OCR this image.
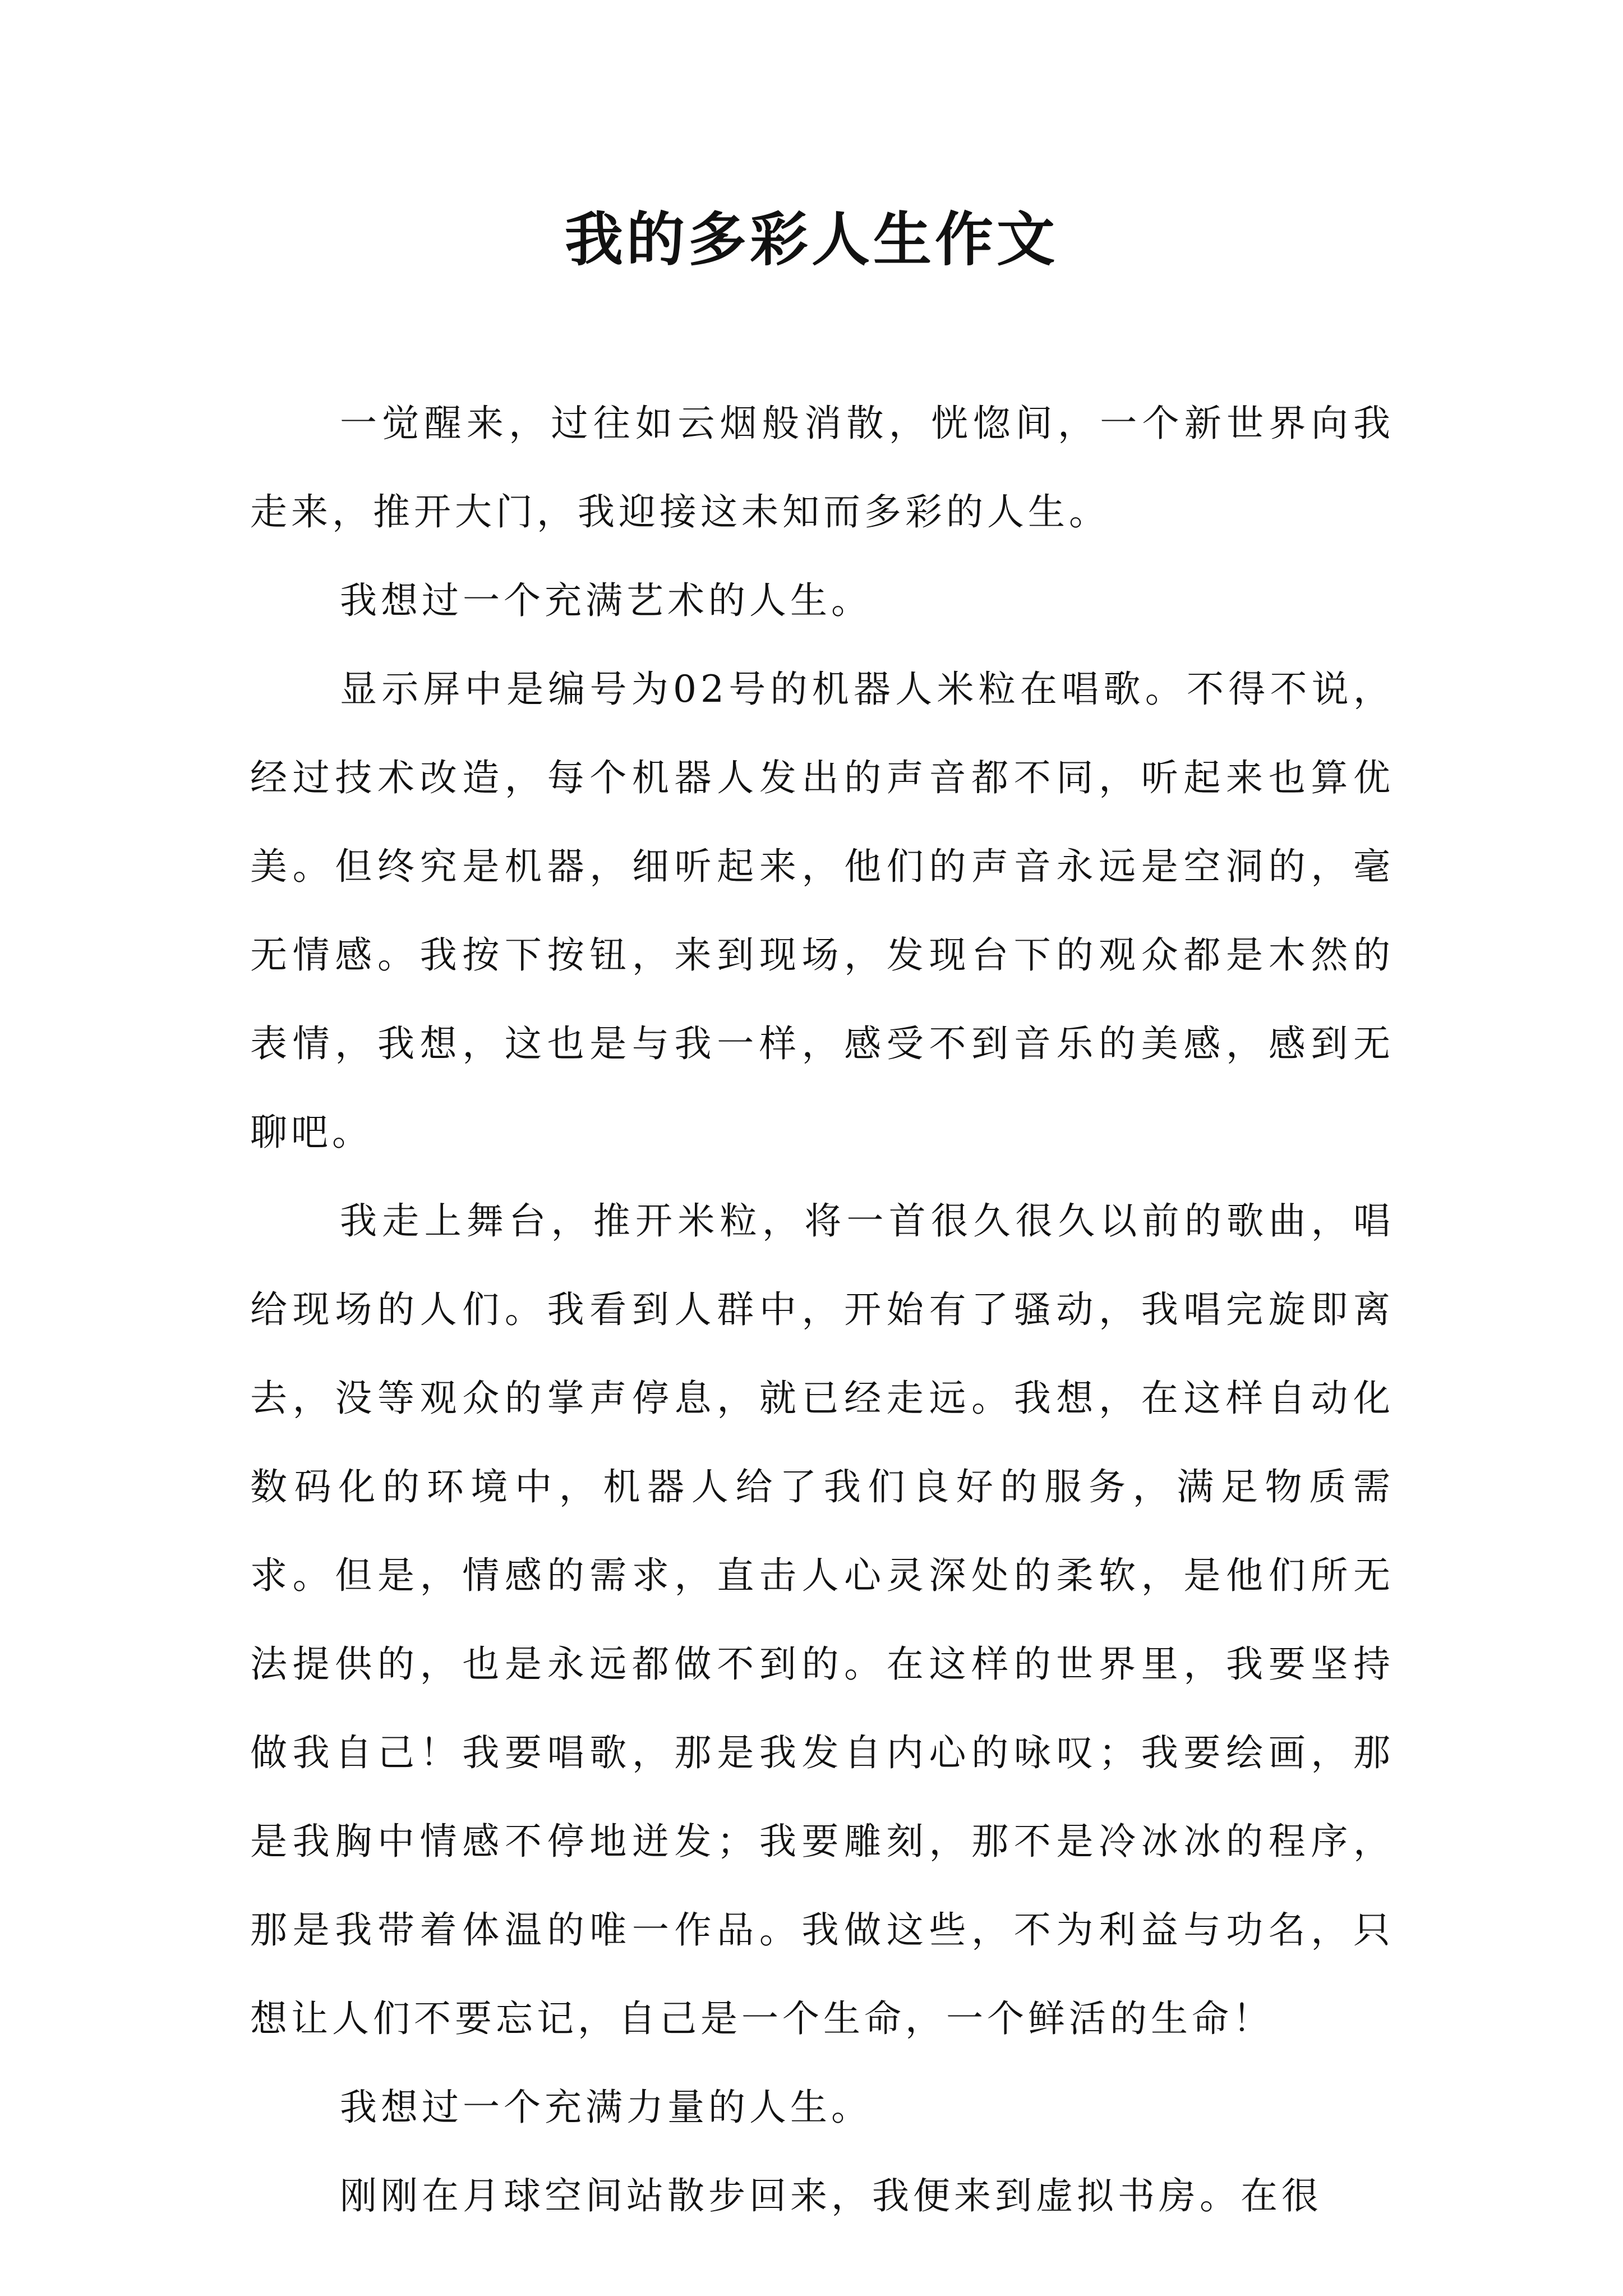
我的多彩人生作文

一觉醒来，过往如云烟般消散，恍惚间，一个新世界向我走来，推开大门，我迎接这未知而多彩的人生。

我想过一个充满艺术的人生。

显示屏中是编号为02号的机器人米粒在唱歌。不得不说，经过技术改造，每个机器人发出的声音都不同，听起来也算优美。但终究是机器，细听起来，他们的声音永远是空洞的，毫无情感。我按下按钮，来到现场，发现台下的观众都是木然的表情，我想，这也是与我一样，感受不到音乐的美感，感到无聊吧。

我走上舞台，推开米粒，将一首很久很久以前的歌曲，唱给现场的人们。我看到人群中，开始有了骚动，我唱完旋即离去，没等观众的掌声停息，就已经走远。我想，在这样自动化数码化的环境中，机器人给了我们良好的服务，满足物质需求。但是，情感的需求，直击人心灵深处的柔软，是他们所无法提供的，也是永远都做不到的。在这样的世界里，我要坚持做我自己！我要唱歌，那是我发自内心的咏叹；我要绘画，那是我胸中情感不停地迸发；我要雕刻，那不是冷冰冰的程序，那是我带着体温的唯一作品。我做这些，不为利益与功名，只想让人们不要忘记，自己是一个生命，一个鲜活的生命！

我想过一个充满力量的人生。

刚刚在月球空间站散步回来，我便来到虚拟书房。在很
